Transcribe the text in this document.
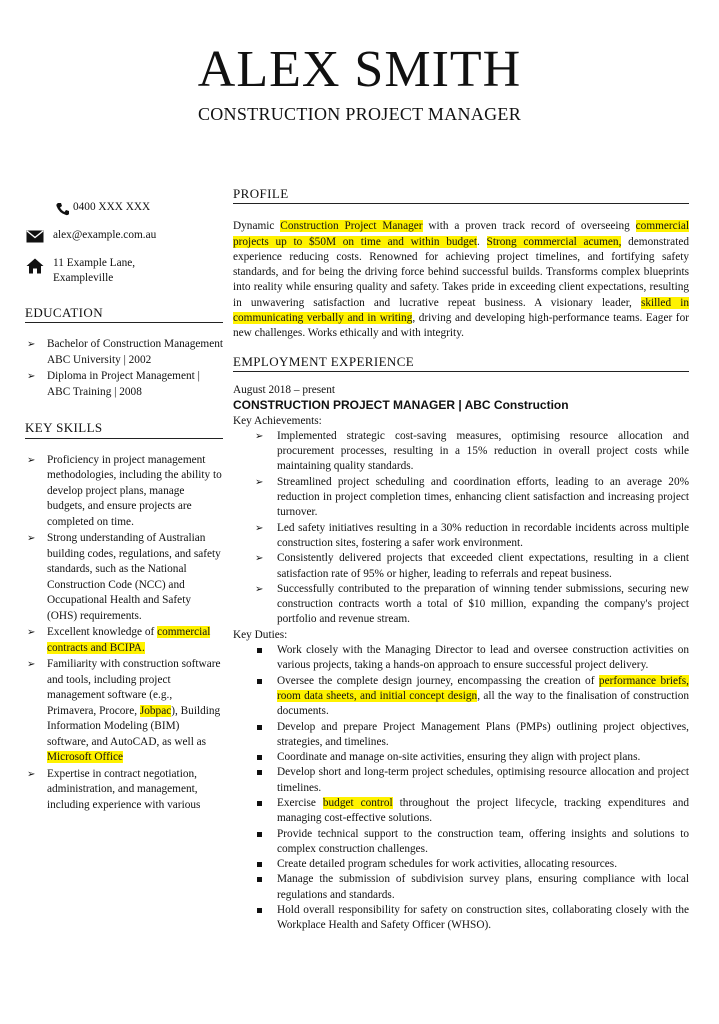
ALEX SMITH
CONSTRUCTION PROJECT MANAGER
0400 XXX XXX
alex@example.com.au
11 Example Lane,
Exampleville
EDUCATION
➢ Bachelor of Construction Management ABC University | 2002
➢ Diploma in Project Management | ABC Training | 2008
KEY SKILLS
➢ Proficiency in project management methodologies, including the ability to develop project plans, manage budgets, and ensure projects are completed on time.
➢ Strong understanding of Australian building codes, regulations, and safety standards, such as the National Construction Code (NCC) and Occupational Health and Safety (OHS) requirements.
➢ Excellent knowledge of commercial contracts and BCIPA.
➢ Familiarity with construction software and tools, including project management software (e.g., Primavera, Procore, Jobpac), Building Information Modeling (BIM) software, and AutoCAD, as well as Microsoft Office
➢ Expertise in contract negotiation, administration, and management, including experience with various
PROFILE

Dynamic Construction Project Manager with a proven track record of overseeing commercial projects up to $50M on time and within budget. Strong commercial acumen, demonstrated experience reducing costs. Renowned for achieving project timelines, and fortifying safety standards, and for being the driving force behind successful builds. Transforms complex blueprints into reality while ensuring quality and safety. Takes pride in exceeding client expectations, resulting in unwavering satisfaction and lucrative repeat business. A visionary leader, skilled in communicating verbally and in writing, driving and developing high-performance teams. Eager for new challenges. Works ethically and with integrity.

EMPLOYMENT EXPERIENCE
August 2018 – present
CONSTRUCTION PROJECT MANAGER | ABC Construction
Key Achievements:
➢ Implemented strategic cost-saving measures, optimising resource allocation and procurement processes, resulting in a 15% reduction in overall project costs while maintaining quality standards.
➢ Streamlined project scheduling and coordination efforts, leading to an average 20% reduction in project completion times, enhancing client satisfaction and increasing project turnover.
➢ Led safety initiatives resulting in a 30% reduction in recordable incidents across multiple construction sites, fostering a safer work environment.
➢ Consistently delivered projects that exceeded client expectations, resulting in a client satisfaction rate of 95% or higher, leading to referrals and repeat business.
➢ Successfully contributed to the preparation of winning tender submissions, securing new construction contracts worth a total of $10 million, expanding the company's project portfolio and revenue stream.
Key Duties:
Work closely with the Managing Director to lead and oversee construction activities on various projects, taking a hands-on approach to ensure successful project delivery.
Oversee the complete design journey, encompassing the creation of performance briefs, room data sheets, and initial concept design, all the way to the finalisation of construction documents.
Develop and prepare Project Management Plans (PMPs) outlining project objectives, strategies, and timelines.
Coordinate and manage on-site activities, ensuring they align with project plans.
Develop short and long-term project schedules, optimising resource allocation and project timelines.
Exercise budget control throughout the project lifecycle, tracking expenditures and managing cost-effective solutions.
Provide technical support to the construction team, offering insights and solutions to complex construction challenges.
Create detailed program schedules for work activities, allocating resources.
Manage the submission of subdivision survey plans, ensuring compliance with local regulations and standards.
Hold overall responsibility for safety on construction sites, collaborating closely with the Workplace Health and Safety Officer (WHSO).
